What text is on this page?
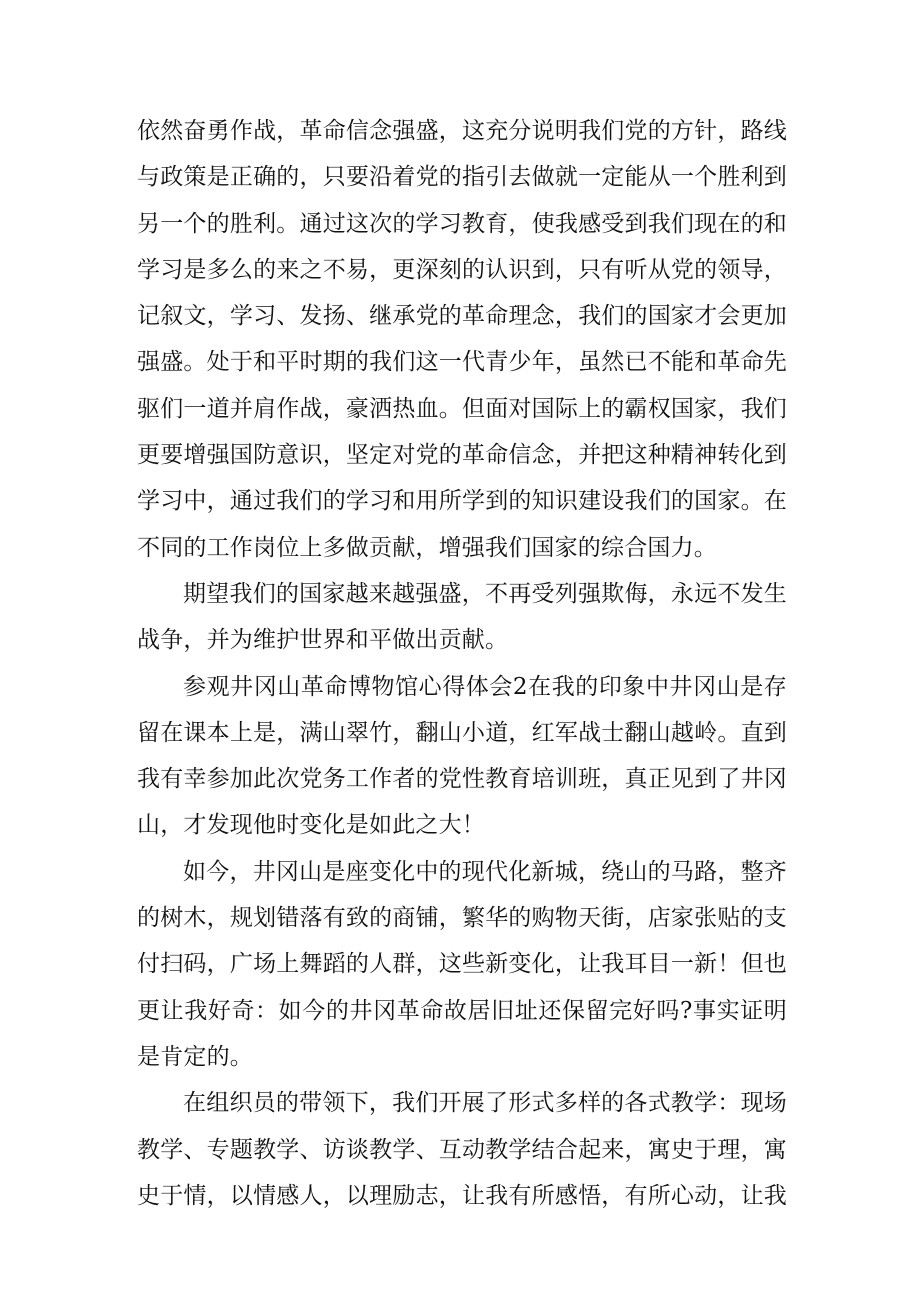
依然奋勇作战，革命信念强盛，这充分说明我们党的方针，路线
与政策是正确的，只要沿着党的指引去做就一定能从一个胜利到
另一个的胜利。通过这次的学习教育，使我感受到我们现在的和
学习是多么的来之不易，更深刻的认识到，只有听从党的领导，
记叙文，学习、发扬、继承党的革命理念，我们的国家才会更加
强盛。处于和平时期的我们这一代青少年，虽然已不能和革命先
驱们一道并肩作战，豪洒热血。但面对国际上的霸权国家，我们
更要增强国防意识，坚定对党的革命信念，并把这种精神转化到
学习中，通过我们的学习和用所学到的知识建设我们的国家。在
不同的工作岗位上多做贡献，增强我们国家的综合国力。
期望我们的国家越来越强盛，不再受列强欺侮，永远不发生
战争，并为维护世界和平做出贡献。
参观井冈山革命博物馆心得体会2在我的印象中井冈山是存
留在课本上是，满山翠竹，翻山小道，红军战士翻山越岭。直到
我有幸参加此次党务工作者的党性教育培训班，真正见到了井冈
山，才发现他时变化是如此之大！
如今，井冈山是座变化中的现代化新城，绕山的马路，整齐
的树木，规划错落有致的商铺，繁华的购物天街，店家张贴的支
付扫码，广场上舞蹈的人群，这些新变化，让我耳目一新！但也
更让我好奇：如今的井冈革命故居旧址还保留完好吗?事实证明
是肯定的。
在组织员的带领下，我们开展了形式多样的各式教学：现场
教学、专题教学、访谈教学、互动教学结合起来，寓史于理，寓
史于情，以情感人，以理励志，让我有所感悟，有所心动，让我
